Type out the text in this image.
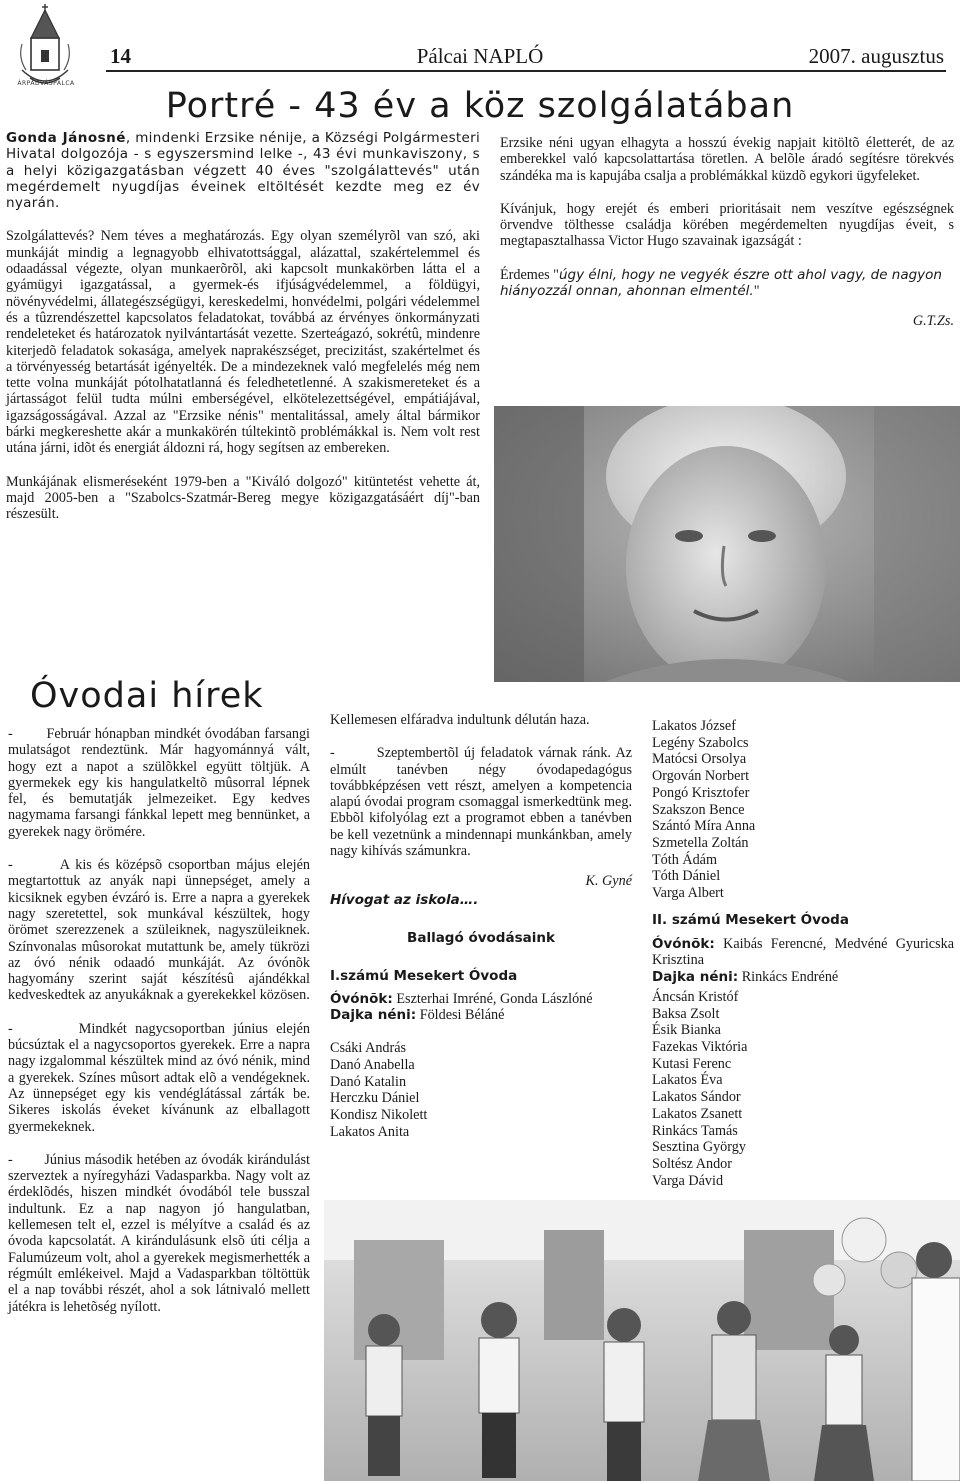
ÁRPÁDVÁSPÁLCA
14	Pálcai NAPLÓ	2007. augusztus
Portré - 43 év a köz szolgálatában

Gonda Jánosné, mindenki Erzsike nénije, a Községi Polgármesteri Hivatal dolgozója - s egyszersmind lelke -, 43 évi munkaviszony, s a helyi közigazgatásban végzett 40 éves "szolgálattevés" után megérdemelt nyugdíjas éveinek eltöltését kezdte meg ez év nyarán.

Szolgálattevés? Nem téves a meghatározás. Egy olyan személyrõl van szó, aki munkáját mindig a legnagyobb elhivatottsággal, alázattal, szakértelemmel és odaadással végezte, olyan munkaerõrõl, aki kapcsolt munkakörben látta el a gyámügyi igazgatással, a gyermek-és ifjúságvédelemmel, a földügyi, növényvédelmi, állategészségügyi, kereskedelmi, honvédelmi, polgári védelemmel és a tûzrendészettel kapcsolatos feladatokat, továbbá az érvényes önkormányzati rendeleteket és határozatok nyilvántartását vezette. Szerteágazó, sokrétû, mindenre kiterjedõ feladatok sokasága, amelyek naprakészséget, precizitást, szakértelmet és a törvényesség betartását igényelték. De a mindezeknek való megfelelés még nem tette volna munkáját pótolhatatlanná és feledhetetlenné. A szakismereteket és a jártasságot felül tudta múlni emberségével, elkötelezettségével, empátiájával, igazságosságával. Azzal az "Erzsike nénis" mentalitással, amely által bármikor bárki megkereshette akár a munkakörén túltekintõ problémákkal is. Nem volt rest utána járni, idõt és energiát áldozni rá, hogy segítsen az embereken.

Munkájának elismeréseként 1979-ben a "Kiváló dolgozó" kitüntetést vehette át, majd 2005-ben a "Szabolcs-Szatmár-Bereg megye közigazgatásáért díj"-ban részesült.

Erzsike néni ugyan elhagyta a hosszú évekig napjait kitöltõ életterét, de az emberekkel való kapcsolattartása töretlen. A belõle áradó segítésre törekvés szándéka ma is kapujába csalja a problémákkal küzdõ egykori ügyfeleket.

Kívánjuk, hogy erejét és emberi prioritásait nem veszítve egészségnek örvendve tölthesse családja körében megérdemelten nyugdíjas éveit, s megtapasztalhassa Victor Hugo szavainak igazságát :

Érdemes "úgy élni, hogy ne vegyék észre ott ahol vagy, de nagyon hiányozzál onnan, ahonnan elmentél."

G.T.Zs.

Óvodai hírek

-        Február hónapban mindkét óvodában farsangi mulatságot rendeztünk. Már hagyománnyá vált, hogy ezt a napot a szülõkkel együtt töltjük. A gyermekek egy kis hangulatkeltõ mûsorral lépnek fel, és bemutatják jelmezeiket. Egy kedves nagymama farsangi fánkkal lepett meg bennünket, a gyerekek nagy örömére.

-        A kis és középsõ csoportban május elején megtartottuk az anyák napi ünnepséget, amely a kicsiknek egyben évzáró is. Erre a napra a gyerekek nagy szeretettel, sok munkával készültek, hogy örömet szerezzenek a szüleiknek, nagyszüleiknek. Színvonalas mûsorokat mutattunk be, amely tükrözi az óvó nénik odaadó munkáját. Az óvónõk hagyomány szerint saját készítésû ajándékkal kedveskedtek az anyukáknak a gyerekekkel közösen.

-        Mindkét nagycsoportban június elején búcsúztak el a nagycsoportos gyerekek. Erre a napra nagy izgalommal készültek mind az óvó nénik, mind a gyerekek. Színes mûsort adtak elõ a vendégeknek. Az ünnepséget egy kis vendéglátással zárták be. Sikeres iskolás éveket kívánunk az elballagott gyermekeknek.

-        Június második hetében az óvodák kirándulást szerveztek a nyíregyházi Vadasparkba. Nagy volt az érdeklõdés, hiszen mindkét óvodából tele busszal indultunk. Ez a nap nagyon jó hangulatban, kellemesen telt el, ezzel is mélyítve a család és az óvoda kapcsolatát. A kirándulásunk elsõ úti célja a Falumúzeum volt, ahol a gyerekek megismerhették a régmúlt emlékeivel. Majd a Vadasparkban töltöttük el a nap további részét, ahol a sok látnivaló mellett játékra is lehetõség nyílott.

Kellemesen elfáradva indultunk délután haza.

-        Szeptembertõl új feladatok várnak ránk. Az elmúlt tanévben négy óvodapedagógus továbbképzésen vett részt, amelyen a kompetencia alapú óvodai program csomaggal ismerkedtünk meg. Ebbõl kifolyólag ezt a programot ebben a tanévben be kell vezetnünk a mindennapi munkánkban, amely nagy kihívás számunkra.

K. Gyné

Hívogat az iskola….

Ballagó óvodásaink

I.számú Mesekert Óvoda

Óvónõk: Eszterhai Imréné, Gonda Lászlóné

Dajka néni: Földesi Béláné

Csáki András
Danó Anabella
Danó Katalin
Herczku Dániel
Kondisz Nikolett
Lakatos Anita
Lakatos József
Legény Szabolcs
Matócsi Orsolya
Orgován Norbert
Pongó Krisztofer
Szakszon Bence
Szántó Míra Anna
Szmetella Zoltán
Tóth Ádám
Tóth Dániel
Varga Albert

II. számú Mesekert Óvoda

Óvónõk: Kaibás Ferencné, Medvéné Gyuricska Krisztina

Dajka néni: Rinkács Endréné

Áncsán Kristóf
Baksa Zsolt
Ésik Bianka
Fazekas Viktória
Kutasi Ferenc
Lakatos Éva
Lakatos Sándor
Lakatos Zsanett
Rinkács Tamás
Sesztina György
Soltész Andor
Varga Dávid
